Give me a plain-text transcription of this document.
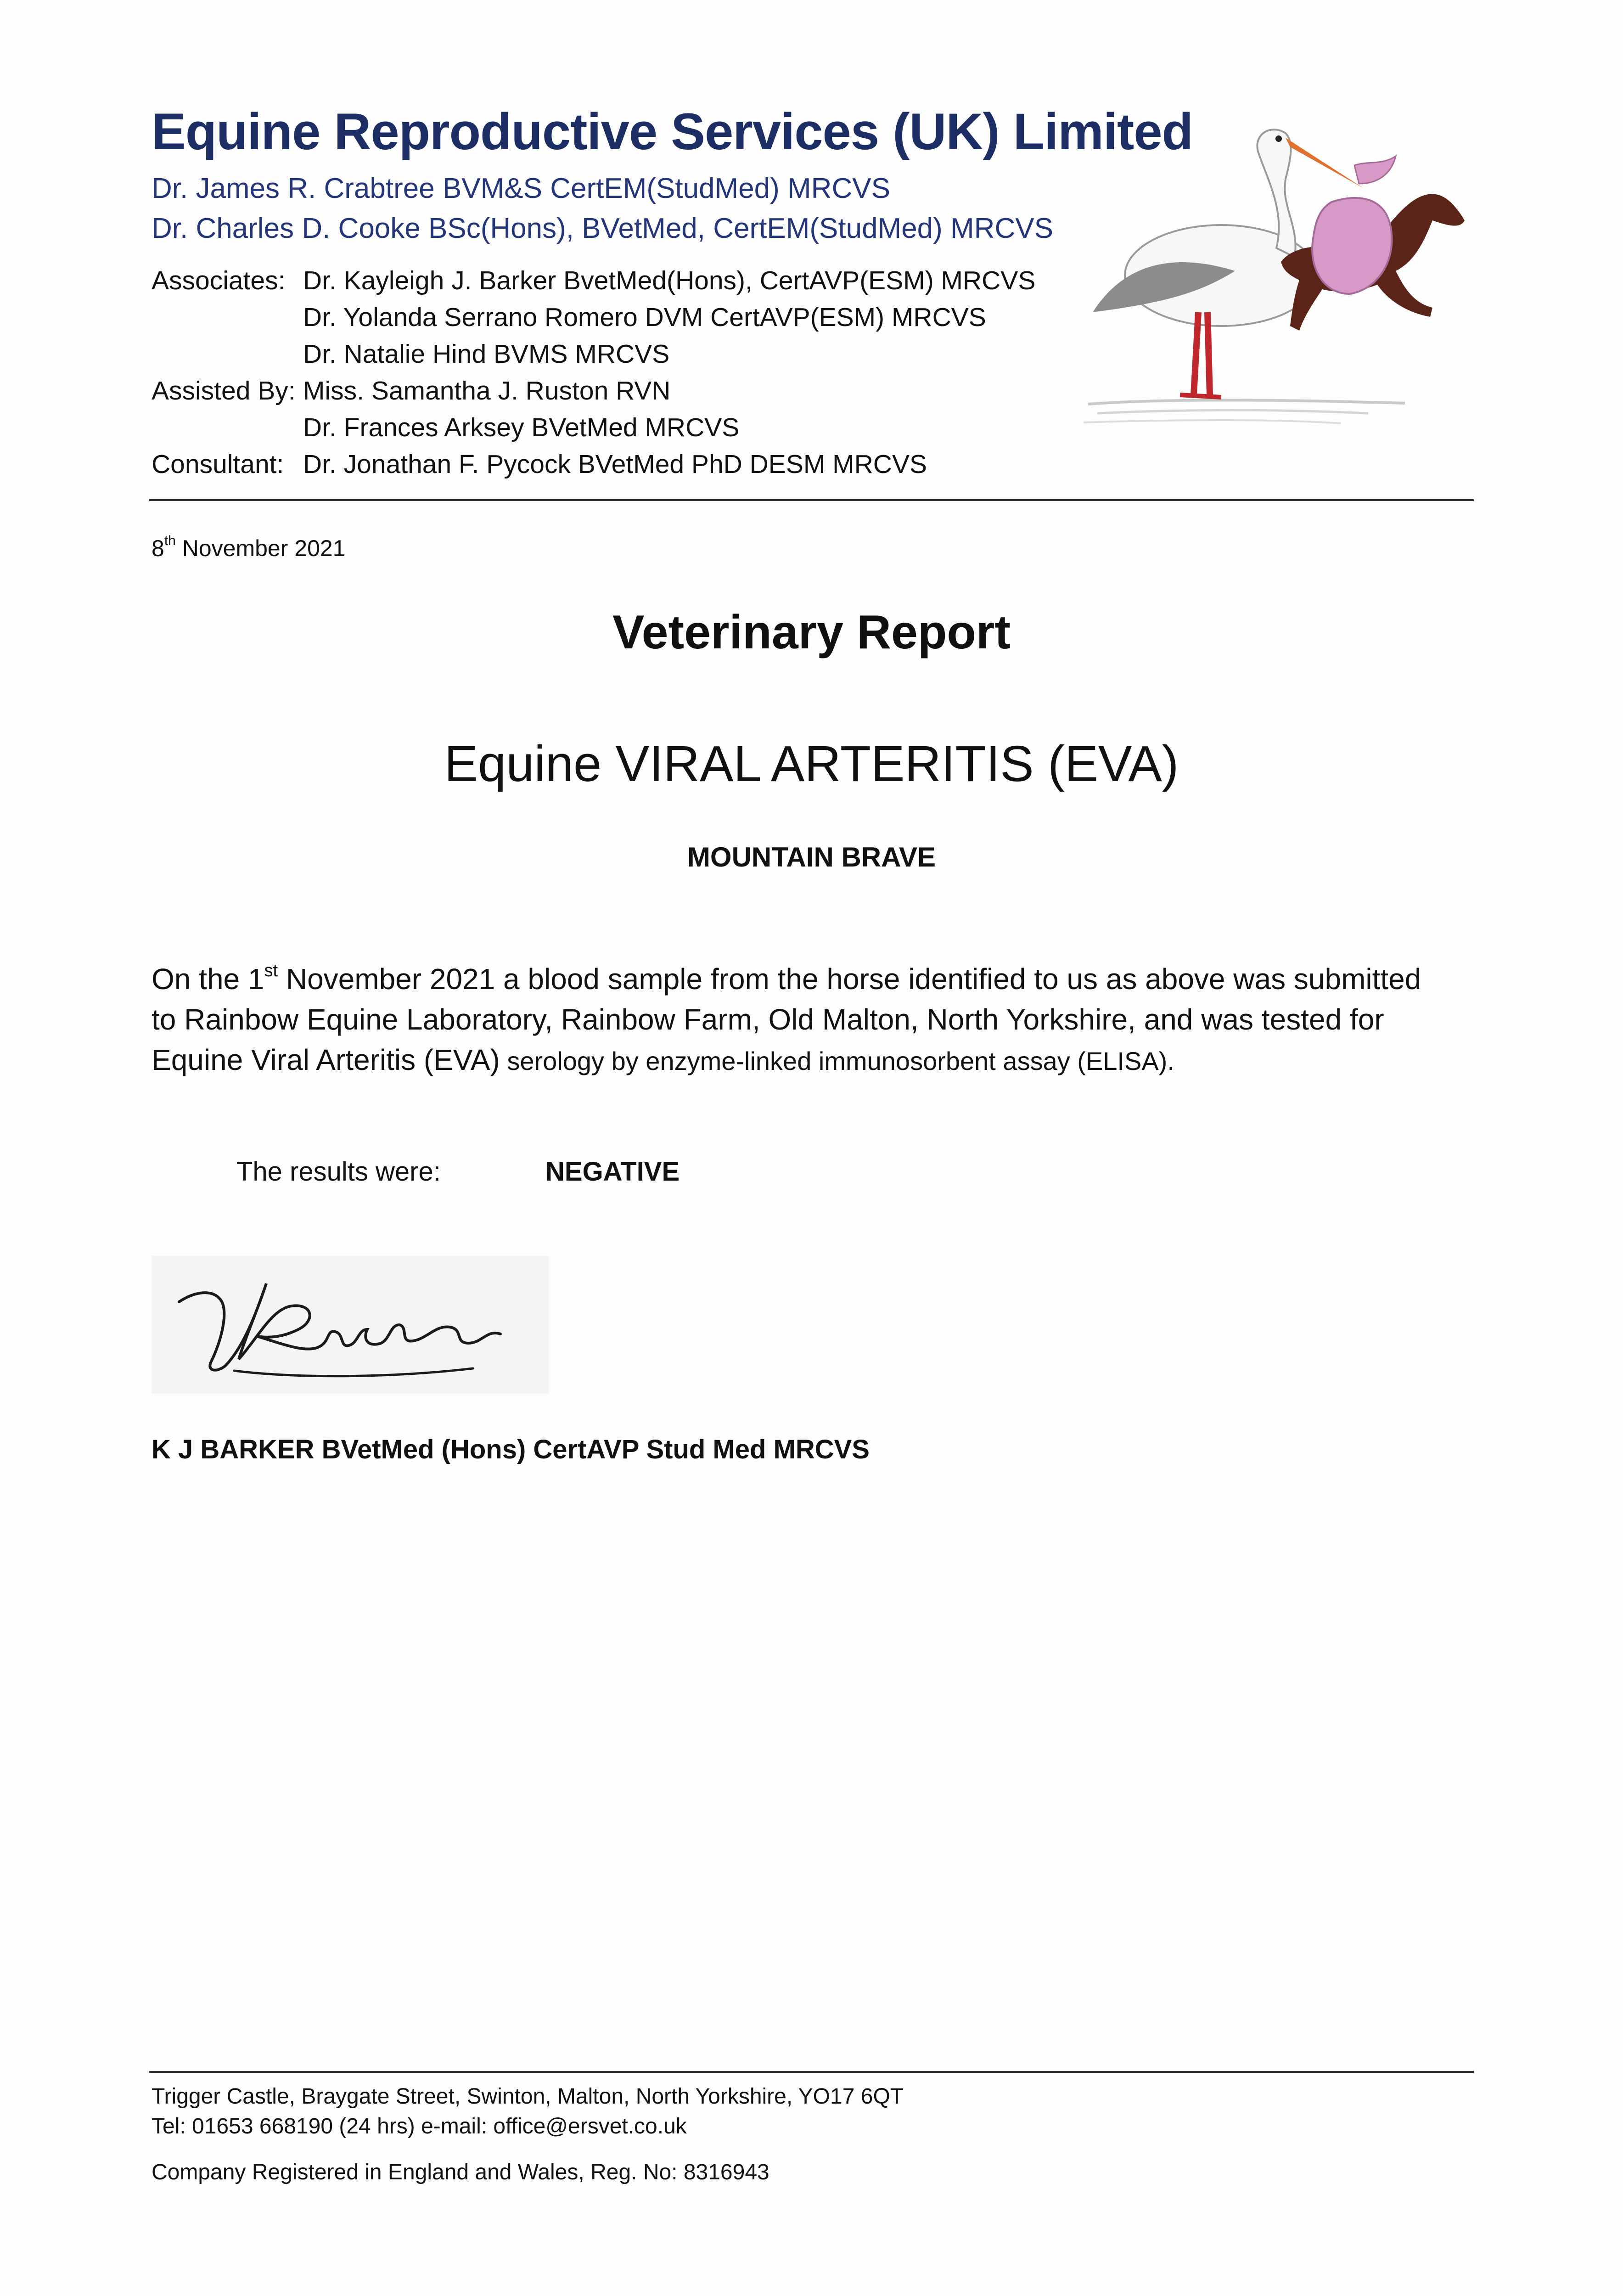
Equine Reproductive Services (UK) Limited
Dr. James R. Crabtree BVM&S CertEM(StudMed) MRCVS
Dr. Charles D. Cooke BSc(Hons), BVetMed, CertEM(StudMed) MRCVS
Associates: Dr. Kayleigh J. Barker BvetMed(Hons), CertAVP(ESM) MRCVS
Dr. Yolanda Serrano Romero DVM CertAVP(ESM) MRCVS
Dr. Natalie Hind BVMS MRCVS
Assisted By: Miss. Samantha J. Ruston RVN
Dr. Frances Arksey BVetMed MRCVS
Consultant: Dr. Jonathan F. Pycock BVetMed PhD DESM MRCVS
8th November 2021
Veterinary Report
Equine VIRAL ARTERITIS (EVA)
MOUNTAIN BRAVE

On the 1st November 2021 a blood sample from the horse identified to us as above was submitted

to Rainbow Equine Laboratory, Rainbow Farm, Old Malton, North Yorkshire, and was tested for

Equine Viral Arteritis (EVA) serology by enzyme-linked immunosorbent assay (ELISA).

The results were:	NEGATIVE
K J BARKER BVetMed (Hons) CertAVP Stud Med MRCVS
Trigger Castle, Braygate Street, Swinton, Malton, North Yorkshire, YO17 6QT
Tel: 01653 668190 (24 hrs) e-mail: office@ersvet.co.uk
Company Registered in England and Wales, Reg. No: 8316943
